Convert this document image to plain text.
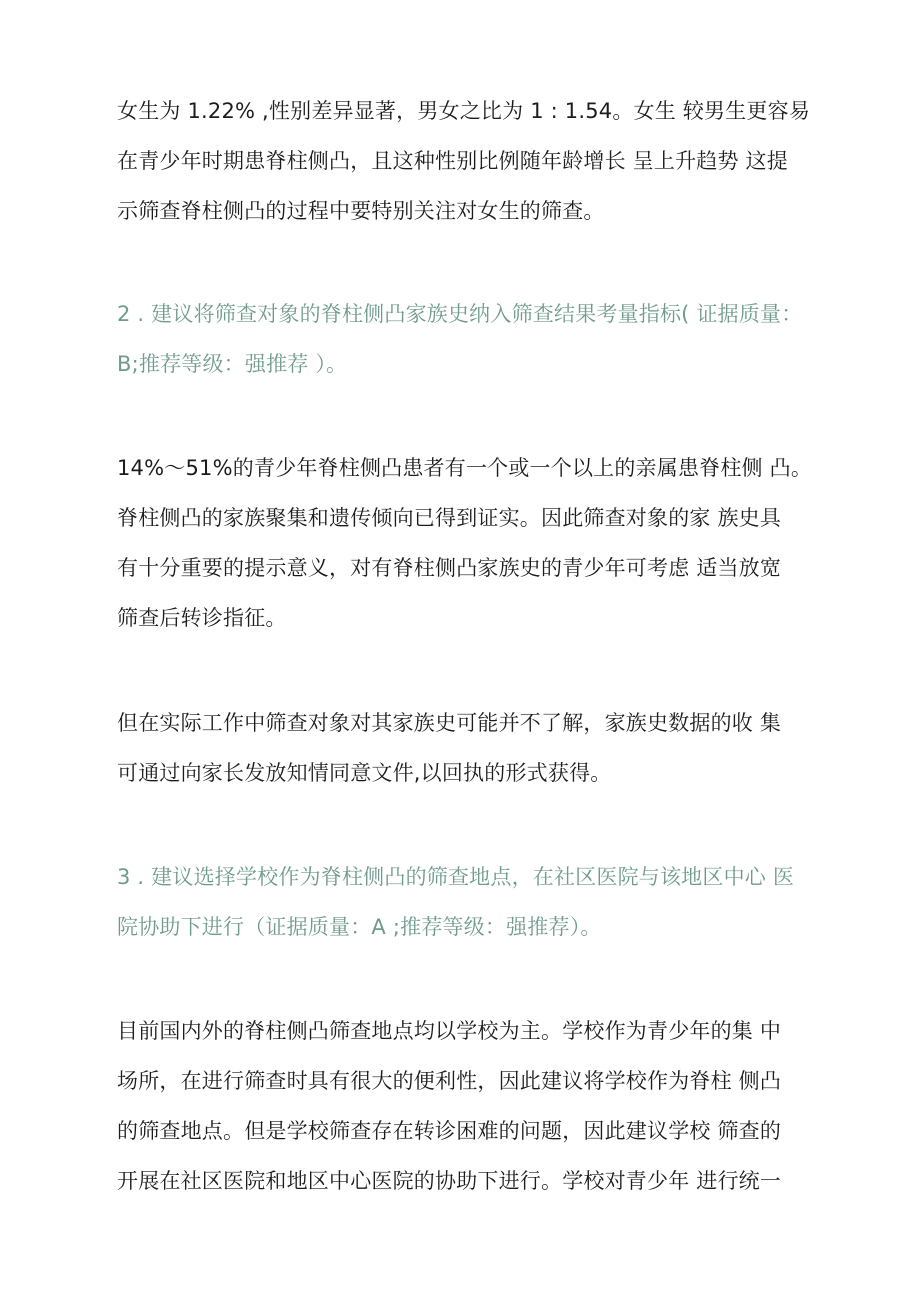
女生为 1.22% ,性别差异显著，男女之比为 1 : 1.54。女生 较男生更容易
在青少年时期患脊柱侧凸，且这种性别比例随年龄增长 呈上升趋势 这提
示筛查脊柱侧凸的过程中要特别关注对女生的筛查。
2 . 建议将筛查对象的脊柱侧凸家族史纳入筛查结果考量指标( 证据质量：
B;推荐等级：强推荐 ）。
14%～51%的青少年脊柱侧凸患者有一个或一个以上的亲属患脊柱侧 凸。
脊柱侧凸的家族聚集和遗传倾向已得到证实。因此筛查对象的家 族史具
有十分重要的提示意义，对有脊柱侧凸家族史的青少年可考虑 适当放宽
筛查后转诊指征。
但在实际工作中筛查对象对其家族史可能并不了解，家族史数据的收 集
可通过向家长发放知情同意文件,以回执的形式获得。
3 . 建议选择学校作为脊柱侧凸的筛查地点，在社区医院与该地区中心 医
院协助下进行（证据质量：A ;推荐等级：强推荐）。
目前国内外的脊柱侧凸筛查地点均以学校为主。学校作为青少年的集 中
场所，在进行筛查时具有很大的便利性，因此建议将学校作为脊柱 侧凸
的筛查地点。但是学校筛查存在转诊困难的问题，因此建议学校 筛查的
开展在社区医院和地区中心医院的协助下进行。学校对青少年 进行统一
